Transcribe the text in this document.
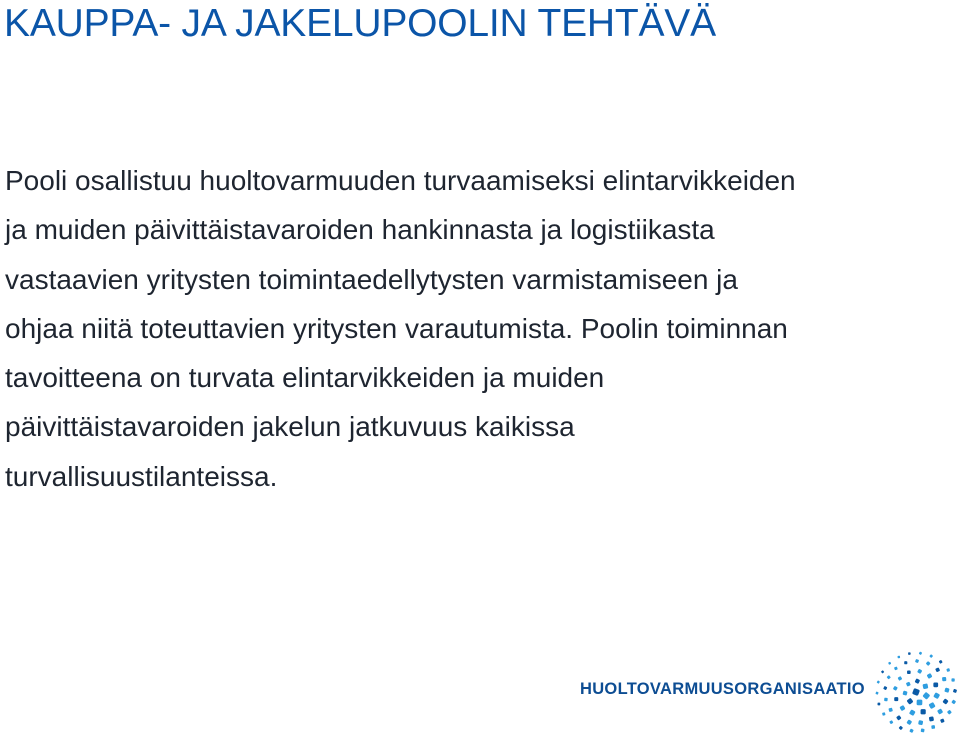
KAUPPA- JA JAKELUPOOLIN TEHTÄVÄ
Pooli osallistuu huoltovarmuuden turvaamiseksi elintarvikkeiden
ja muiden päivittäistavaroiden hankinnasta ja logistiikasta
vastaavien yritysten toimintaedellytysten varmistamiseen ja
ohjaa niitä toteuttavien yritysten varautumista. Poolin toiminnan
tavoitteena on turvata elintarvikkeiden ja muiden
päivittäistavaroiden jakelun jatkuvuus kaikissa
turvallisuustilanteissa.
HUOLTOVARMUUSORGANISAATIO
